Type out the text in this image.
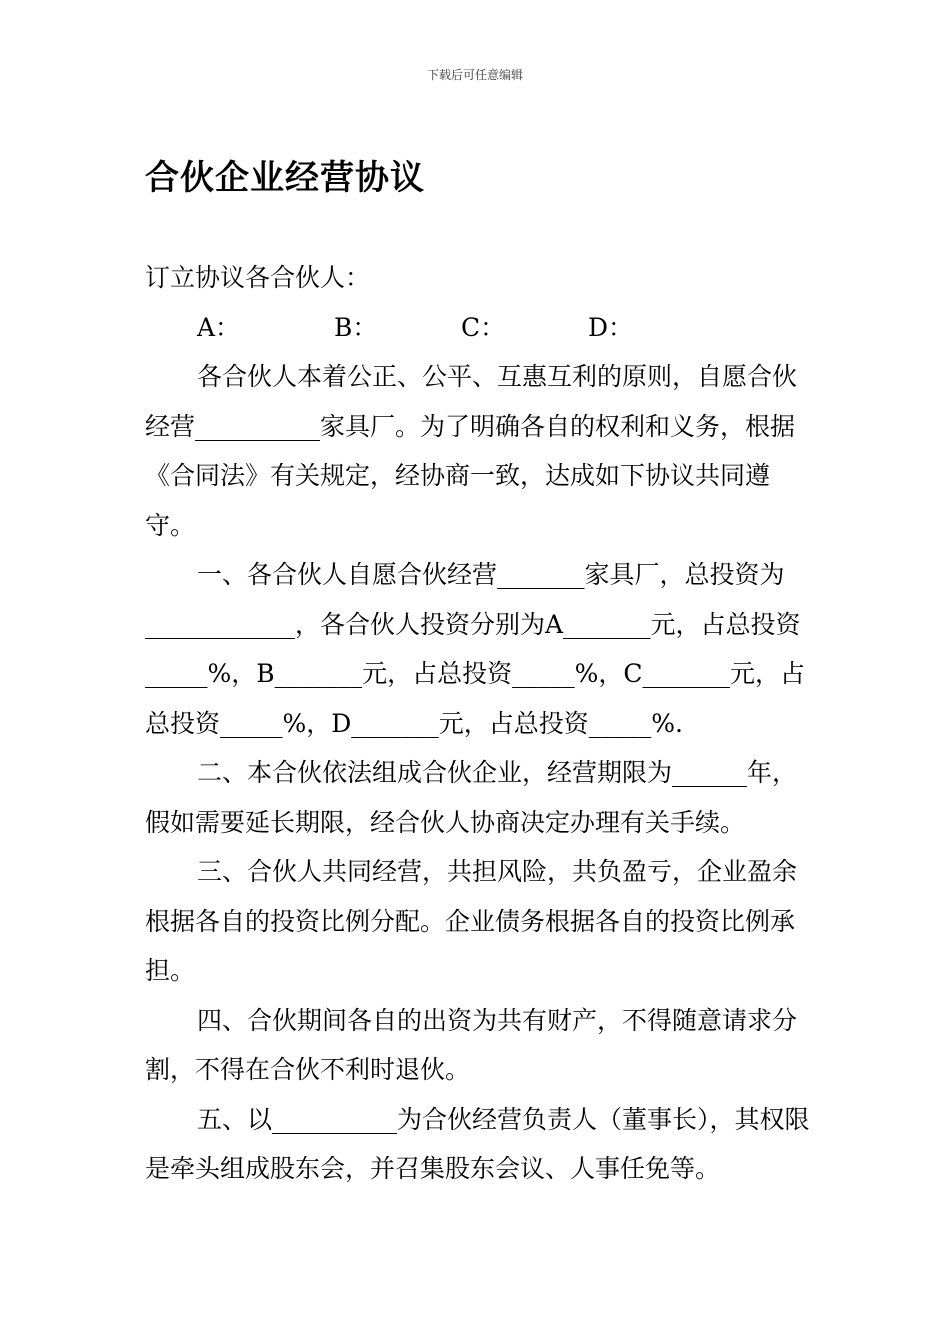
下载后可任意编辑
合伙企业经营协议

订立协议各合伙人：

A：	B：	C：	D：

各合伙人本着公正、公平、互惠互利的原则，自愿合伙经营__________家具厂。为了明确各自的权利和义务，根据《合同法》有关规定，经协商一致，达成如下协议共同遵守。

一、各合伙人自愿合伙经营_______家具厂，总投资为____________，各合伙人投资分别为A_______元，占总投资_____%，B_______元，占总投资_____%，C_______元，占总投资_____%，D_______元，占总投资_____%.

二、本合伙依法组成合伙企业，经营期限为______年，假如需要延长期限，经合伙人协商决定办理有关手续。

三、合伙人共同经营，共担风险，共负盈亏，企业盈余根据各自的投资比例分配。企业债务根据各自的投资比例承担。

四、合伙期间各自的出资为共有财产，不得随意请求分割，不得在合伙不利时退伙。

五、以__________为合伙经营负责人（董事长），其权限是牵头组成股东会，并召集股东会议、人事任免等。
